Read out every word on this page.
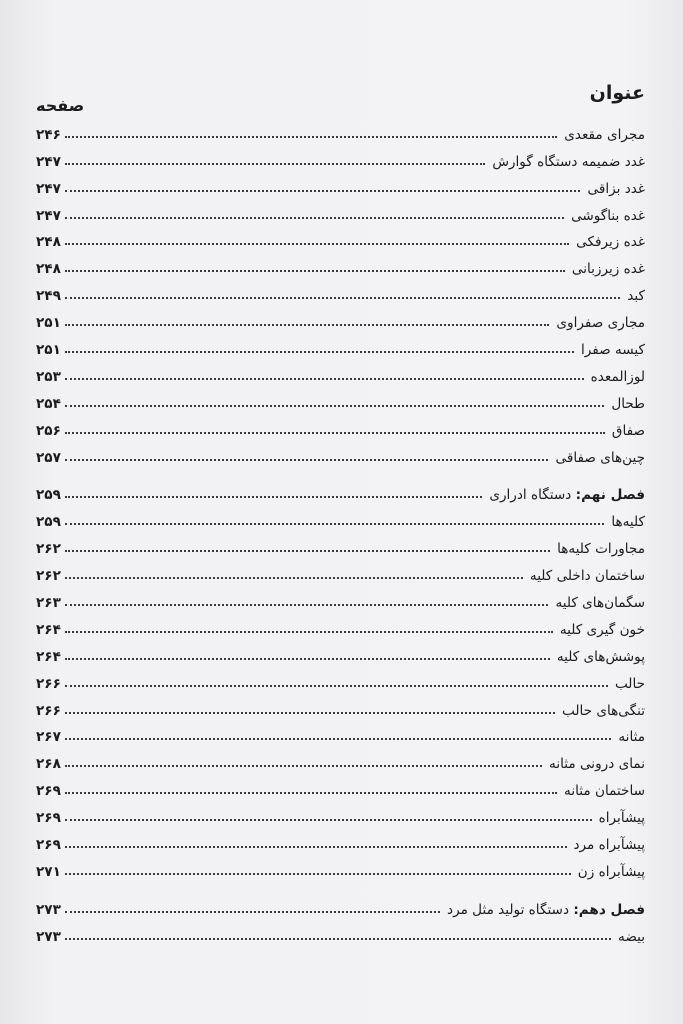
عنوان
صفحه
مجرای مقعدی
۲۴۶
غدد ضمیمه دستگاه گوارش
۲۴۷
غدد بزاقی
۲۴۷
غده بناگوشی
۲۴۷
غده زیرفکی
۲۴۸
غده زیرزبانی
۲۴۸
کبد
۲۴۹
مجاری صفراوی
۲۵۱
کیسه صفرا
۲۵۱
لوزالمعده
۲۵۳
طحال
۲۵۴
صفاق
۲۵۶
چین‌های صفاقی
۲۵۷
فصل نهم: دستگاه ادراری
۲۵۹
کلیه‌ها
۲۵۹
مجاورات کلیه‌ها
۲۶۲
ساختمان داخلی کلیه
۲۶۲
سگمان‌های کلیه
۲۶۳
خون گیری کلیه
۲۶۴
پوشش‌های کلیه
۲۶۴
حالب
۲۶۶
تنگی‌های حالب
۲۶۶
مثانه
۲۶۷
نمای درونی مثانه
۲۶۸
ساختمان مثانه
۲۶۹
پیشآبراه
۲۶۹
پیشآبراه مرد
۲۶۹
پیشآبراه زن
۲۷۱
فصل دهم: دستگاه تولید مثل مرد
۲۷۳
بیضه
۲۷۳
